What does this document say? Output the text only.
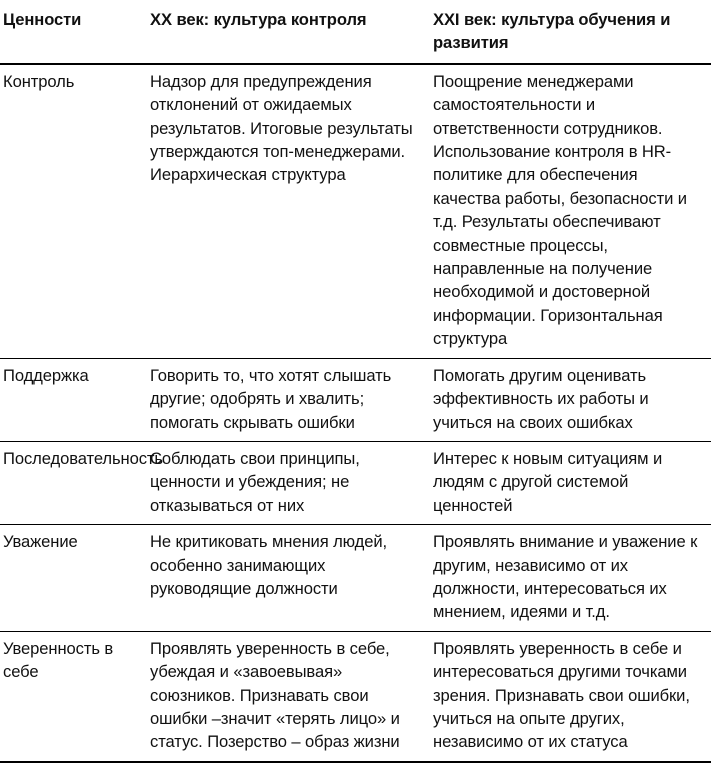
Ценности	XX век: культура контроля	XXI век: культура обучения и развития
Контроль	Надзор для предупреждения отклонений от ожидаемых результатов. Итоговые результаты утверждаются топ-менеджерами. Иерархическая структура	Поощрение менеджерами самостоятельности и ответственности сотрудников. Использование контроля в HR-политике для обеспечения качества работы, безопасности и т.д. Результаты обеспечивают совместные процессы, направленные на получение необходимой и достоверной информации. Горизонтальная структура
Поддержка	Говорить то, что хотят слышать другие; одобрять и хвалить; помогать скрывать ошибки	Помогать другим оценивать эффективность их работы и учиться на своих ошибках
Последовательность	Соблюдать свои принципы, ценности и убеждения; не отказываться от них	Интерес к новым ситуациям и людям с другой системой ценностей
Уважение	Не критиковать мнения людей, особенно занимающих руководящие должности	Проявлять внимание и уважение к другим, независимо от их должности, интересоваться их мнением, идеями и т.д.
Уверенность в себе	Проявлять уверенность в себе, убеждая и «завоевывая» союзников. Признавать свои ошибки –значит «терять лицо» и статус. Позерство – образ жизни	Проявлять уверенность в себе и интересоваться другими точками зрения. Признавать свои ошибки, учиться на опыте других, независимо от их статуса
